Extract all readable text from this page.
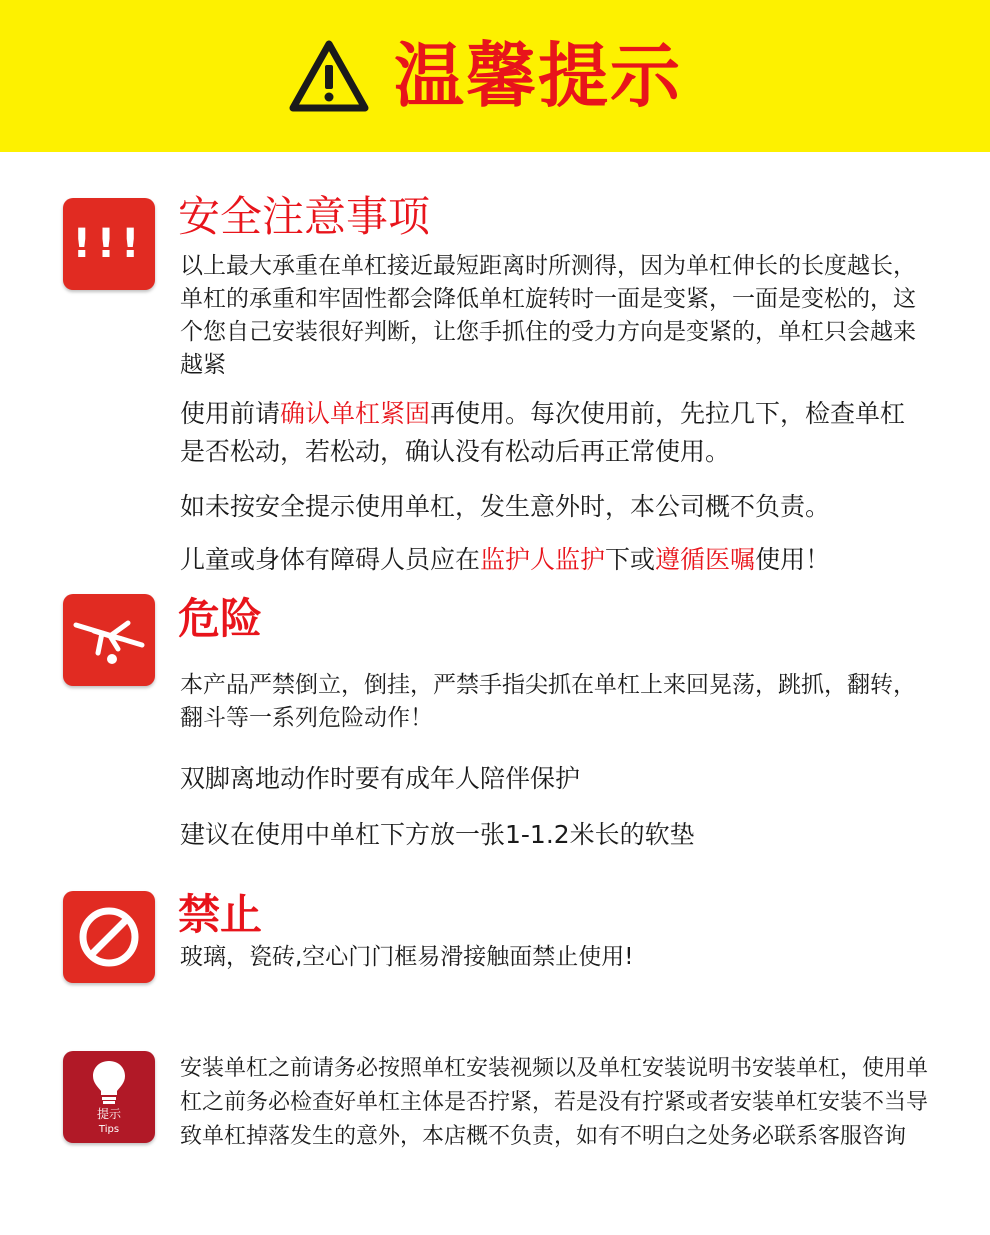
温馨提示
!!!
安全注意事项

以上最大承重在单杠接近最短距离时所测得，因为单杠伸长的长度越长，单杠的承重和牢固性都会降低单杠旋转时一面是变紧，一面是变松的，这个您自己安装很好判断，让您手抓住的受力方向是变紧的，单杠只会越来越紧

使用前请确认单杠紧固再使用。每次使用前，先拉几下，检查单杠是否松动，若松动，确认没有松动后再正常使用。

如未按安全提示使用单杠，发生意外时，本公司概不负责。

儿童或身体有障碍人员应在监护人监护下或遵循医嘱使用！

危险

本产品严禁倒立，倒挂，严禁手指尖抓在单杠上来回晃荡，跳抓，翻转，翻斗等一系列危险动作！

双脚离地动作时要有成年人陪伴保护

建议在使用中单杠下方放一张1-1.2米长的软垫

禁止

玻璃，瓷砖,空心门门框易滑接触面禁止使用!

提示
Tips

安装单杠之前请务必按照单杠安装视频以及单杠安装说明书安装单杠，使用单杠之前务必检查好单杠主体是否拧紧，若是没有拧紧或者安装单杠安装不当导致单杠掉落发生的意外，本店概不负责，如有不明白之处务必联系客服咨询
